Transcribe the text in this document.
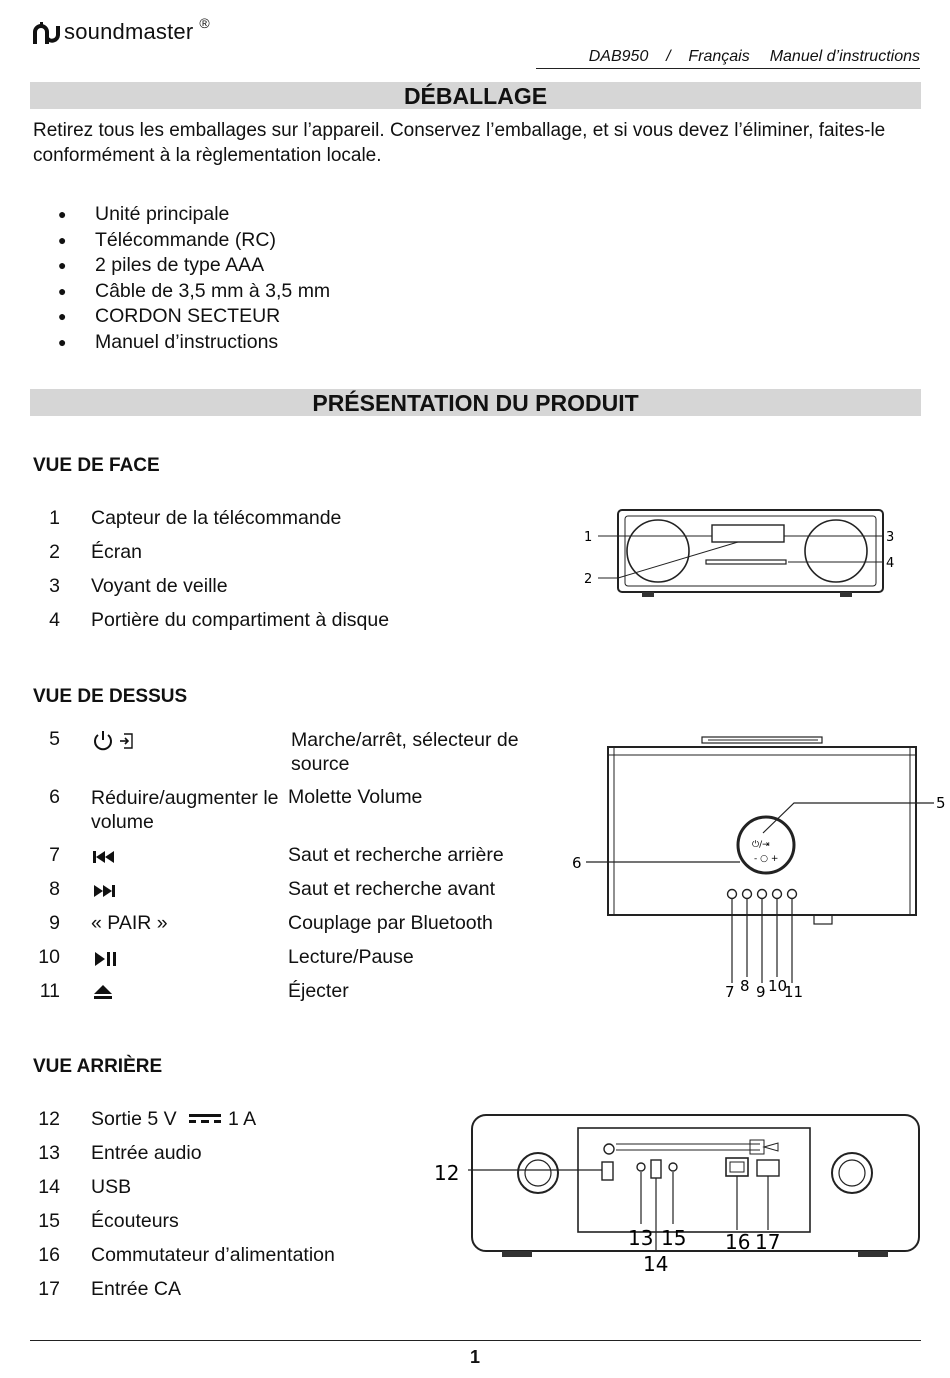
soundmaster ®
DAB950	/	Français Manuel d’instructions
DÉBALLAGE
Retirez tous les emballages sur l’appareil. Conservez l’emballage, et si vous devez l’éliminer, faites-le conformément à la règlementation locale.
●	Unité principale
●	Télécommande (RC)
●	2 piles de type AAA
●	Câble de 3,5 mm à 3,5 mm
●	CORDON SECTEUR
●	Manuel d’instructions
PRÉSENTATION DU PRODUIT
VUE DE FACE
1 Capteur de la télécommande
2 Écran
3 Voyant de veille
4 Portière du compartiment à disque
1
2
3
4
VUE DE DESSUS
5	Marche/arrêt, sélecteur de source
6 Réduire/augmenter le volume
Molette Volume
7	Saut et recherche arrière
8	Saut et recherche avant
9 « PAIR »	Couplage par Bluetooth
10	Lecture/Pause
11	Éjecter
⏻/⇥
- ○ +
5
6
7 8 9 10
11
VUE ARRIÈRE
12 Sortie 5 V	1 A
13 Entrée audio
14 USB
15 Écouteurs
16 Commutateur d’alimentation
17 Entrée CA
12
13
14
15 16 17
1
